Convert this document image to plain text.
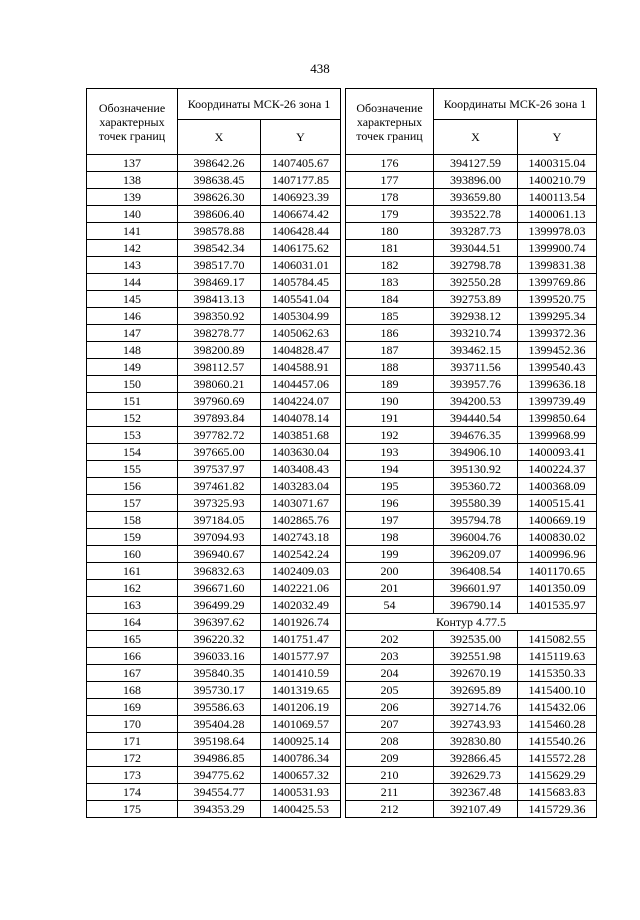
438
Обозначение характерных точек границ	Координаты МСК-26 зона 1	
	X	Y
137	398642.26	1407405.67
138	398638.45	1407177.85
139	398626.30	1406923.39
140	398606.40	1406674.42
141	398578.88	1406428.44
142	398542.34	1406175.62
143	398517.70	1406031.01
144	398469.17	1405784.45
145	398413.13	1405541.04
146	398350.92	1405304.99
147	398278.77	1405062.63
148	398200.89	1404828.47
149	398112.57	1404588.91
150	398060.21	1404457.06
151	397960.69	1404224.07
152	397893.84	1404078.14
153	397782.72	1403851.68
154	397665.00	1403630.04
155	397537.97	1403408.43
156	397461.82	1403283.04
157	397325.93	1403071.67
158	397184.05	1402865.76
159	397094.93	1402743.18
160	396940.67	1402542.24
161	396832.63	1402409.03
162	396671.60	1402221.06
163	396499.29	1402032.49
164	396397.62	1401926.74
165	396220.32	1401751.47
166	396033.16	1401577.97
167	395840.35	1401410.59
168	395730.17	1401319.65
169	395586.63	1401206.19
170	395404.28	1401069.57
171	395198.64	1400925.14
172	394986.85	1400786.34
173	394775.62	1400657.32
174	394554.77	1400531.93
175	394353.29	1400425.53
Обозначение характерных точек границ	Координаты МСК-26 зона 1	
	X	Y
176	394127.59	1400315.04
177	393896.00	1400210.79
178	393659.80	1400113.54
179	393522.78	1400061.13
180	393287.73	1399978.03
181	393044.51	1399900.74
182	392798.78	1399831.38
183	392550.28	1399769.86
184	392753.89	1399520.75
185	392938.12	1399295.34
186	393210.74	1399372.36
187	393462.15	1399452.36
188	393711.56	1399540.43
189	393957.76	1399636.18
190	394200.53	1399739.49
191	394440.54	1399850.64
192	394676.35	1399968.99
193	394906.10	1400093.41
194	395130.92	1400224.37
195	395360.72	1400368.09
196	395580.39	1400515.41
197	395794.78	1400669.19
198	396004.76	1400830.02
199	396209.07	1400996.96
200	396408.54	1401170.65
201	396601.97	1401350.09
54	396790.14	1401535.97
Контур 4.77.5		
202	392535.00	1415082.55
203	392551.98	1415119.63
204	392670.19	1415350.33
205	392695.89	1415400.10
206	392714.76	1415432.06
207	392743.93	1415460.28
208	392830.80	1415540.26
209	392866.45	1415572.28
210	392629.73	1415629.29
211	392367.48	1415683.83
212	392107.49	1415729.36
